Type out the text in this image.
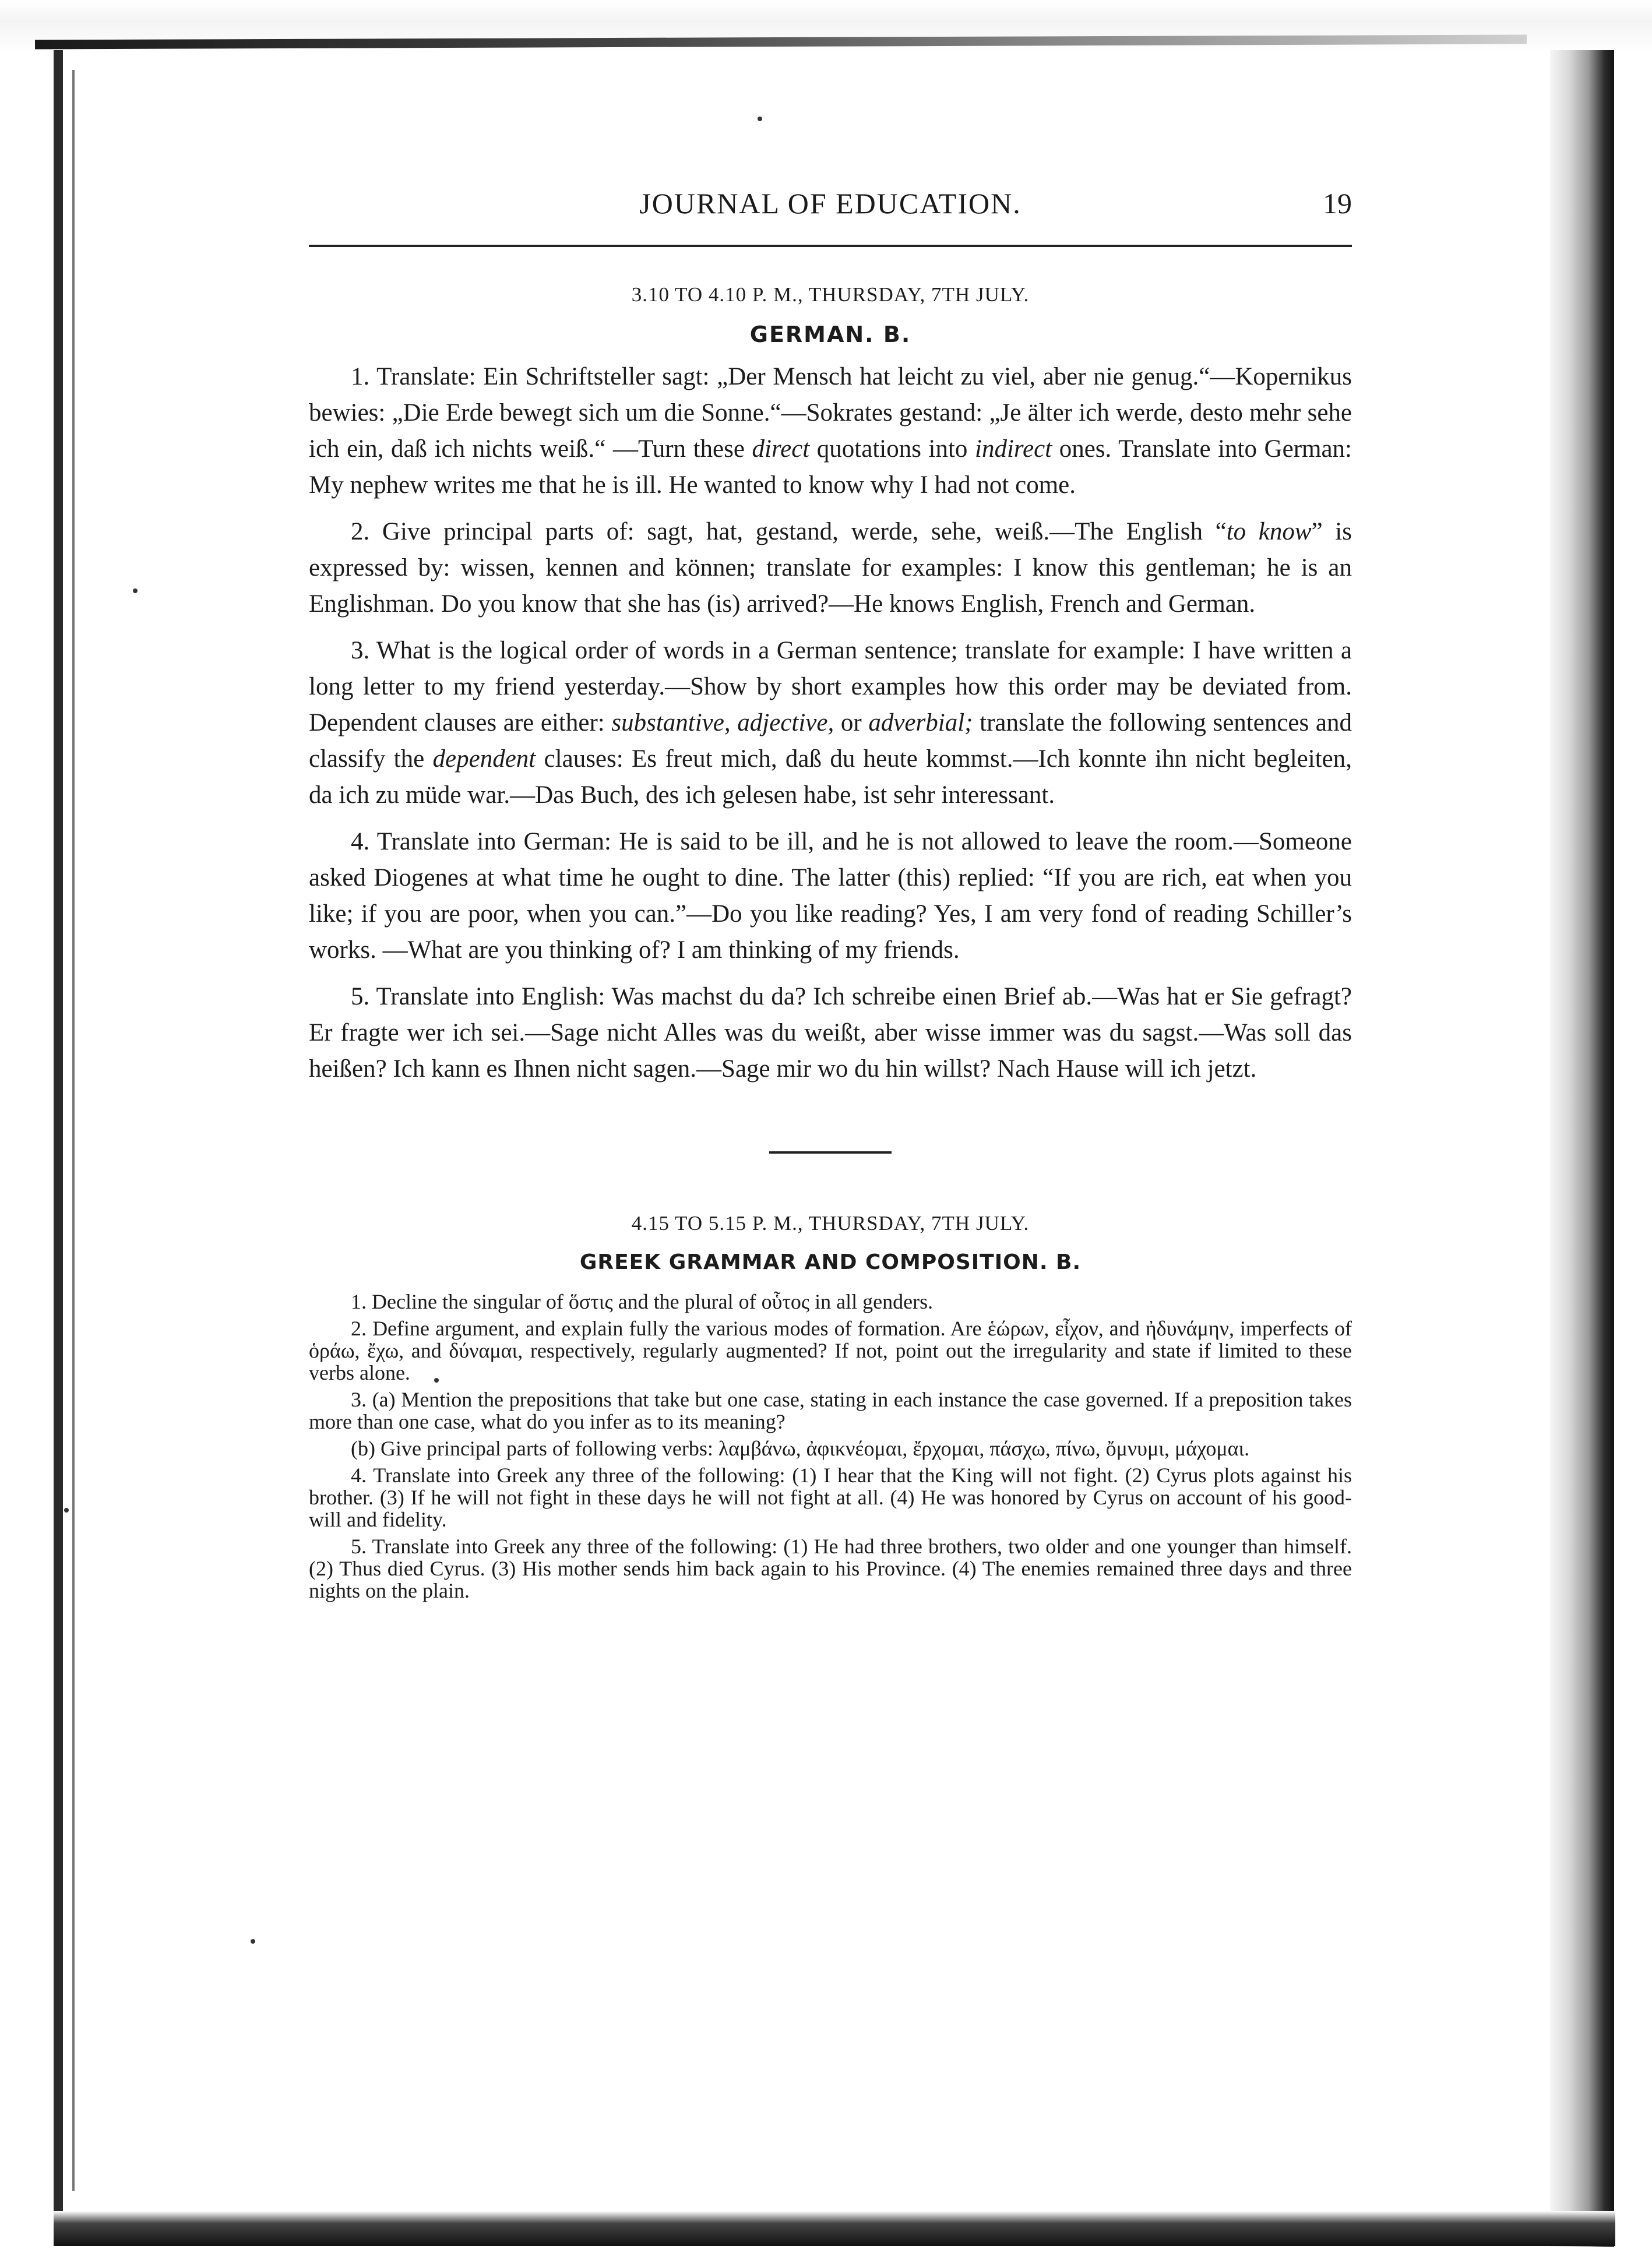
JOURNAL OF EDUCATION.	19
3.10 TO 4.10 P. M., THURSDAY, 7TH JULY.
GERMAN. B.

1. Translate: Ein Schriftsteller sagt: „Der Mensch hat leicht zu viel, aber nie genug.“—Kopernikus bewies: „Die Erde bewegt sich um die Sonne.“—Sokrates gestand: „Je älter ich werde, desto mehr sehe ich ein, daß ich nichts weiß.“ —Turn these direct quotations into indirect ones. Translate into German: My nephew writes me that he is ill. He wanted to know why I had not come.

2. Give principal parts of: sagt, hat, gestand, werde, sehe, weiß.—The English “to know” is expressed by: wissen, kennen and können; translate for examples: I know this gentleman; he is an Englishman. Do you know that she has (is) arrived?—He knows English, French and German.

3. What is the logical order of words in a German sentence; translate for example: I have written a long letter to my friend yesterday.—Show by short examples how this order may be deviated from. Dependent clauses are either: substantive, adjective, or adverbial; translate the following sentences and classify the dependent clauses: Es freut mich, daß du heute kommst.—Ich konnte ihn nicht begleiten, da ich zu müde war.—Das Buch, des ich gelesen habe, ist sehr interessant.

4. Translate into German: He is said to be ill, and he is not allowed to leave the room.—Someone asked Diogenes at what time he ought to dine. The latter (this) replied: “If you are rich, eat when you like; if you are poor, when you can.”—Do you like reading? Yes, I am very fond of reading Schiller’s works. —What are you thinking of? I am thinking of my friends.

5. Translate into English: Was machst du da? Ich schreibe einen Brief ab.—Was hat er Sie gefragt? Er fragte wer ich sei.—Sage nicht Alles was du weißt, aber wisse immer was du sagst.—Was soll das heißen? Ich kann es Ihnen nicht sagen.—Sage mir wo du hin willst? Nach Hause will ich jetzt.

4.15 TO 5.15 P. M., THURSDAY, 7TH JULY.
GREEK GRAMMAR AND COMPOSITION. B.

1. Decline the singular of ὅστις and the plural of οὗτος in all genders.

2. Define argument, and explain fully the various modes of formation. Are ἑώρων, εἶχον, and ἠδυνάμην, imperfects of ὁράω, ἔχω, and δύναμαι, respectively, regularly augmented? If not, point out the irregularity and state if limited to these verbs alone.

3. (a) Mention the prepositions that take but one case, stating in each instance the case governed. If a preposition takes more than one case, what do you infer as to its meaning?

(b) Give principal parts of following verbs: λαμβάνω, ἀφικνέομαι, ἔρχομαι, πάσχω, πίνω, ὄμνυμι, μάχομαι.

4. Translate into Greek any three of the following: (1) I hear that the King will not fight. (2) Cyrus plots against his brother. (3) If he will not fight in these days he will not fight at all. (4) He was honored by Cyrus on account of his good-will and fidelity.

5. Translate into Greek any three of the following: (1) He had three brothers, two older and one younger than himself. (2) Thus died Cyrus. (3) His mother sends him back again to his Province. (4) The enemies remained three days and three nights on the plain.
